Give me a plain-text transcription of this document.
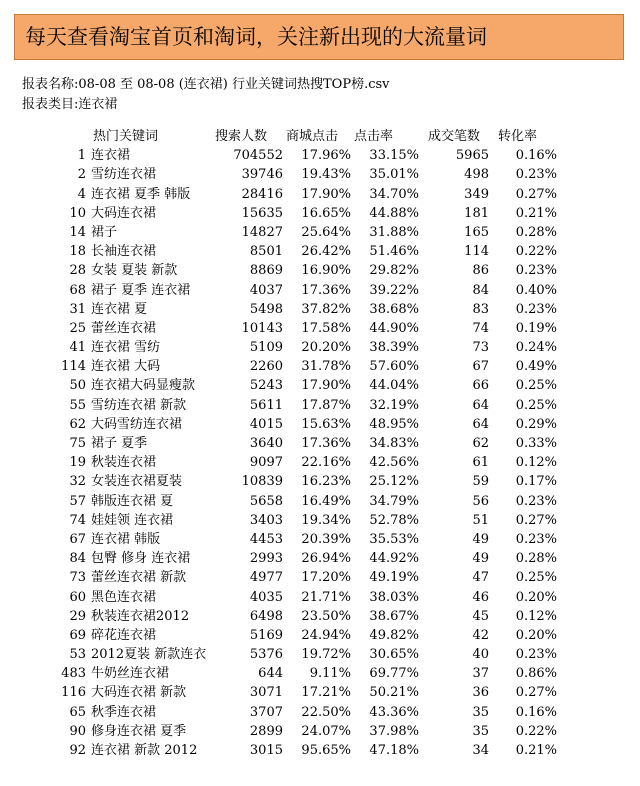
每天查看淘宝首页和淘词，关注新出现的大流量词
报表名称:08-08 至 08-08 (连衣裙) 行业关键词热搜TOP榜.csv
报表类目:连衣裙
热门关键词	搜索人数	商城点击	点击率	成交笔数	转化率
1 连衣裙	704552	17.96%	33.15%	5965	0.16%
2 雪纺连衣裙	39746	19.43%	35.01%	498	0.23%
4 连衣裙 夏季 韩版	28416	17.90%	34.70%	349	0.27%
10 大码连衣裙	15635	16.65%	44.88%	181	0.21%
14 裙子	14827	25.64%	31.88%	165	0.28%
18 长袖连衣裙	8501	26.42%	51.46%	114	0.22%
28 女装 夏装 新款	8869	16.90%	29.82%	86	0.23%
68 裙子 夏季 连衣裙	4037	17.36%	39.22%	84	0.40%
31 连衣裙 夏	5498	37.82%	38.68%	83	0.23%
25 蕾丝连衣裙	10143	17.58%	44.90%	74	0.19%
41 连衣裙 雪纺	5109	20.20%	38.39%	73	0.24%
114 连衣裙 大码	2260	31.78%	57.60%	67	0.49%
50 连衣裙大码显瘦款	5243	17.90%	44.04%	66	0.25%
55 雪纺连衣裙 新款	5611	17.87%	32.19%	64	0.25%
62 大码雪纺连衣裙	4015	15.63%	48.95%	64	0.29%
75 裙子 夏季	3640	17.36%	34.83%	62	0.33%
19 秋装连衣裙	9097	22.16%	42.56%	61	0.12%
32 女装连衣裙夏装	10839	16.23%	25.12%	59	0.17%
57 韩版连衣裙 夏	5658	16.49%	34.79%	56	0.23%
74 娃娃领 连衣裙	3403	19.34%	52.78%	51	0.27%
67 连衣裙 韩版	4453	20.39%	35.53%	49	0.23%
84 包臀 修身 连衣裙	2993	26.94%	44.92%	49	0.28%
73 蕾丝连衣裙 新款	4977	17.20%	49.19%	47	0.25%
60 黑色连衣裙	4035	21.71%	38.03%	46	0.20%
29 秋装连衣裙2012	6498	23.50%	38.67%	45	0.12%
69 碎花连衣裙	5169	24.94%	49.82%	42	0.20%
53 2012夏装 新款连衣	5376	19.72%	30.65%	40	0.23%
483 牛奶丝连衣裙	644	9.11%	69.77%	37	0.86%
116 大码连衣裙 新款	3071	17.21%	50.21%	36	0.27%
65 秋季连衣裙	3707	22.50%	43.36%	35	0.16%
90 修身连衣裙 夏季	2899	24.07%	37.98%	35	0.22%
92 连衣裙 新款 2012	3015	95.65%	47.18%	34	0.21%
